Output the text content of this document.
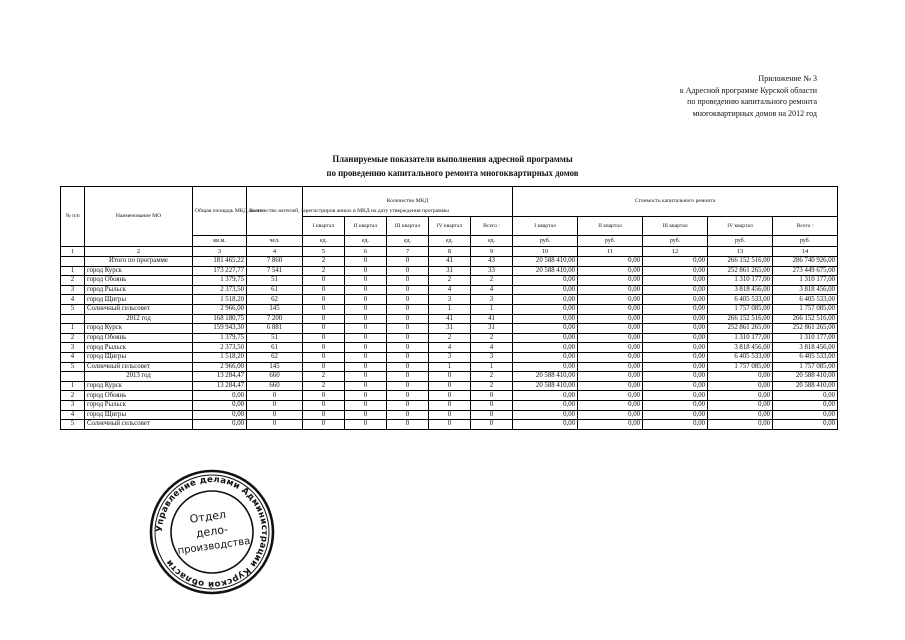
Приложение № 3
к Адресной программе Курской области
по проведению капитального ремонта
многоквартирных домов на 2012 год
Планируемые показатели выполнения адресной программы
по проведению капитального ремонта многоквартирных домов
№ п/п	Наименование МО	Общая площадь МКД, всего	Количество жителей, зарегистриров анных в МКД на дату утверждения программы	Количество МКД					Стоимость капитального ремонта				
				I квартал	II квартал	III квартал	IV квартал	Всего :	I квартал	II квартал	III квартал	IV квартал	Всего :
		кв.м.	чел.	ед.	ед.	ед.	ед.	ед.	руб.	руб.	руб.	руб.	руб.
1	2	3	4	5	6	7	8	9	10	11	12	13	14
	Итого по программе	181 465,22	7 860	2	0	0	41	43	20 588 410,00	0,00	0,00	266 152 516,00	286 740 926,00
1	город Курск	173 227,77	7 541	2	0	0	31	33	20 588 410,00	0,00	0,00	252 861 265,00	273 449 675,00
2	город Обоянь	1 379,75	51	0	0	0	2	2	0,00	0,00	0,00	1 310 177,00	1 310 177,00
3	город Рыльск	2 373,50	61	0	0	0	4	4	0,00	0,00	0,00	3 818 456,00	3 818 456,00
4	город Щигры	1 518,20	62	0	0	0	3	3	0,00	0,00	0,00	6 405 533,00	6 405 533,00
5	Солнечный сельсовет	2 966,00	145	0	0	0	1	1	0,00	0,00	0,00	1 757 085,00	1 757 085,00
	2012 год	168 180,75	7 200	0	0	0	41	41	0,00	0,00	0,00	266 152 516,00	266 152 516,00
1	город Курск	159 943,30	6 881	0	0	0	31	31	0,00	0,00	0,00	252 861 265,00	252 861 265,00
2	город Обоянь	1 379,75	51	0	0	0	2	2	0,00	0,00	0,00	1 310 177,00	1 310 177,00
3	город Рыльск	2 373,50	61	0	0	0	4	4	0,00	0,00	0,00	3 818 456,00	3 818 456,00
4	город Щигры	1 518,20	62	0	0	0	3	3	0,00	0,00	0,00	6 405 533,00	6 405 533,00
5	Солнечный сельсовет	2 966,00	145	0	0	0	1	1	0,00	0,00	0,00	1 757 085,00	1 757 085,00
	2013 год	13 284,47	660	2	0	0	0	2	20 588 410,00	0,00	0,00	0,00	20 588 410,00
1	город Курск	13 284,47	660	2	0	0	0	2	20 588 410,00	0,00	0,00	0,00	20 588 410,00
2	город Обоянь	0,00	0	0	0	0	0	0	0,00	0,00	0,00	0,00	0,00
3	город Рыльск	0,00	0	0	0	0	0	0	0,00	0,00	0,00	0,00	0,00
4	город Щигры	0,00	0	0	0	0	0	0	0,00	0,00	0,00	0,00	0,00
5	Солнечный сельсовет	0,00	0	0	0	0	0	0	0,00	0,00	0,00	0,00	0,00
Управление делами Администрации Курской области
Отдел
дело-
производства
